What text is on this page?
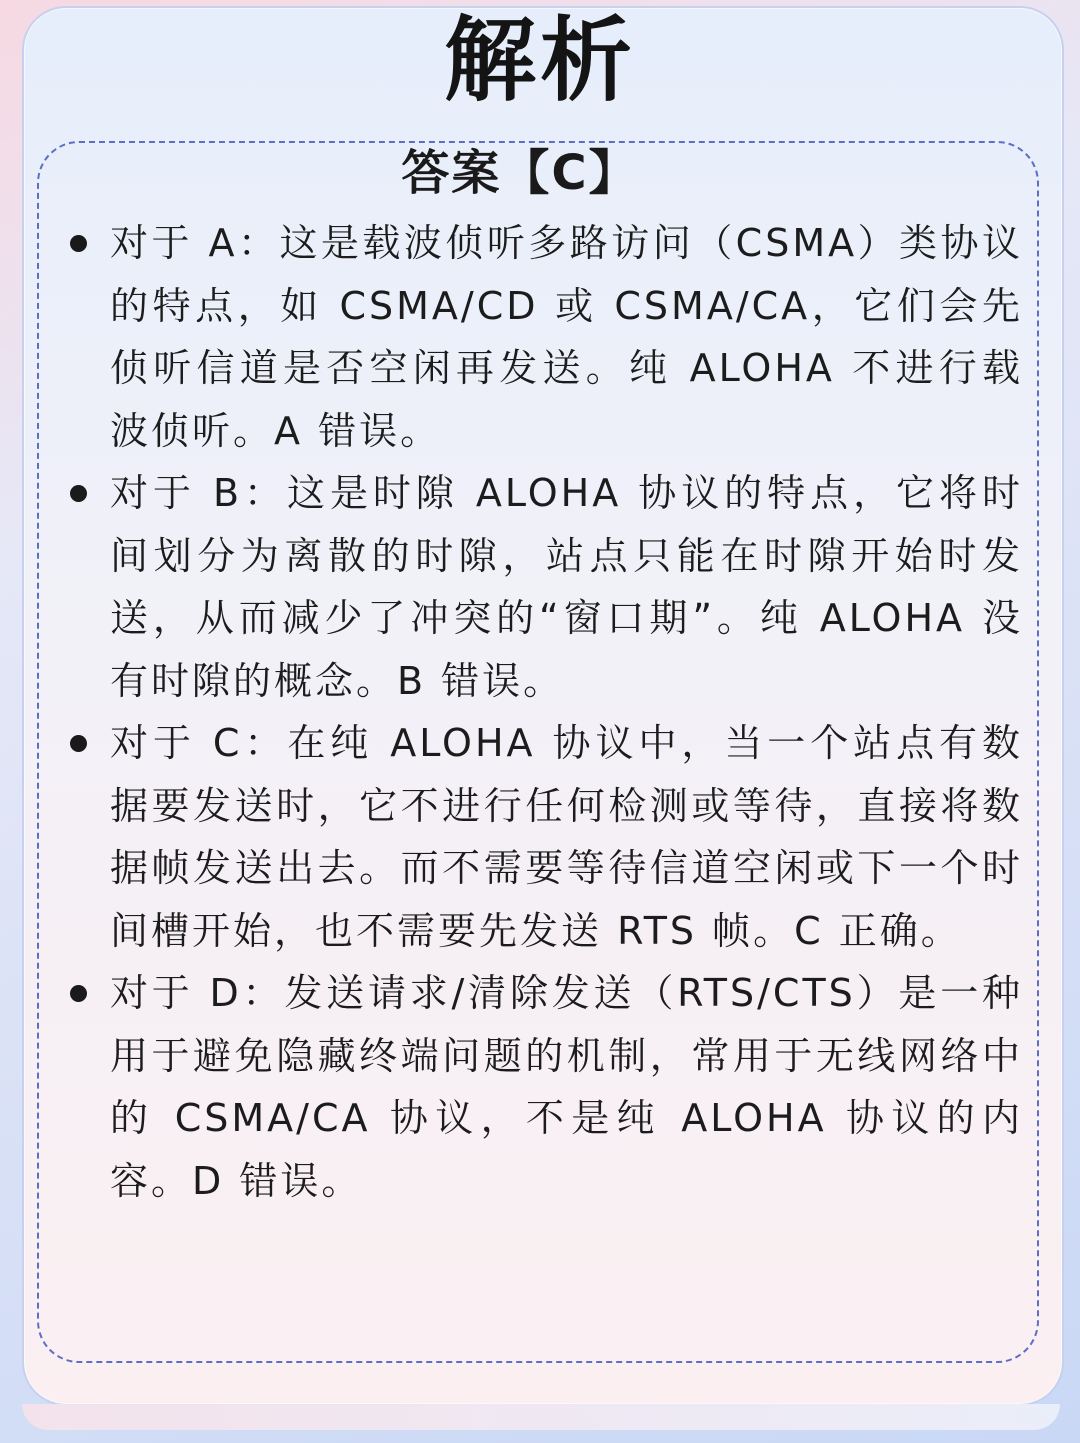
解析
答案【C】
对于 A：这是载波侦听多路访问（CSMA）类协议的特点，如 CSMA/CD 或 CSMA/CA，它们会先侦听信道是否空闲再发送。纯 ALOHA 不进行载波侦听。A 错误。
对于 B：这是时隙 ALOHA 协议的特点，它将时间划分为离散的时隙，站点只能在时隙开始时发送，从而减少了冲突的“窗口期”。纯 ALOHA 没有时隙的概念。B 错误。
对于 C：在纯 ALOHA 协议中，当一个站点有数据要发送时，它不进行任何检测或等待，直接将数据帧发送出去。而不需要等待信道空闲或下一个时间槽开始，也不需要先发送 RTS 帧。C 正确。
对于 D：发送请求/清除发送（RTS/CTS）是一种用于避免隐藏终端问题的机制，常用于无线网络中的 CSMA/CA 协议，不是纯 ALOHA 协议的内容。D 错误。
